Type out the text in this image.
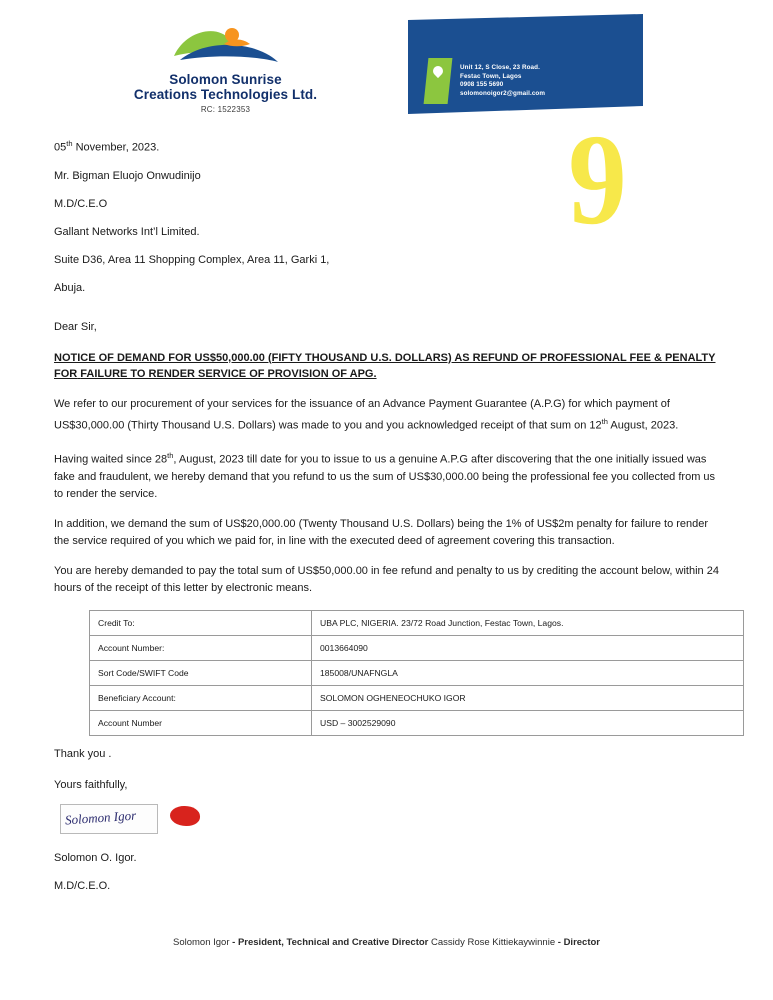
Solomon Sunrise
Creations Technologies Ltd.
RC: 1522353
Unit 12, S Close, 23 Road.
Festac Town, Lagos
0908 155 5690
solomonoigor2@gmail.com
9

05th November, 2023.

Mr. Bigman Eluojo Onwudinijo

M.D/C.E.O

Gallant Networks Int’l Limited.

Suite D36, Area 11 Shopping Complex, Area 11, Garki 1,

Abuja.

Dear Sir,

NOTICE OF DEMAND FOR US$50,000.00 (FIFTY THOUSAND U.S. DOLLARS) AS REFUND OF PROFESSIONAL FEE & PENALTY FOR FAILURE TO RENDER SERVICE OF PROVISION OF APG.

We refer to our procurement of your services for the issuance of an Advance Payment Guarantee (A.P.G) for which payment of US$30,000.00 (Thirty Thousand U.S. Dollars) was made to you and you acknowledged receipt of that sum on 12th August, 2023.

Having waited since 28th, August, 2023 till date for you to issue to us a genuine A.P.G after discovering that the one initially issued was fake and fraudulent, we hereby demand that you refund to us the sum of US$30,000.00 being the professional fee you collected from us to render the service.

In addition, we demand the sum of US$20,000.00 (Twenty Thousand U.S. Dollars) being the 1% of US$2m penalty for failure to render the service required of you which we paid for, in line with the executed deed of agreement covering this transaction.

You are hereby demanded to pay the total sum of US$50,000.00 in fee refund and penalty to us by crediting the account below, within 24 hours of the receipt of this letter by electronic means.

Credit To:	UBA PLC, NIGERIA. 23/72 Road Junction, Festac Town, Lagos.
Account Number:	0013664090
Sort Code/SWIFT Code	185008/UNAFNGLA
Beneficiary Account:	SOLOMON OGHENEOCHUKO IGOR
Account Number	USD – 3002529090

Thank you .

Yours faithfully,

Solomon Igor

Solomon O. Igor.

M.D/C.E.O.

Solomon Igor - President, Technical and Creative Director Cassidy Rose Kittiekaywinnie - Director
